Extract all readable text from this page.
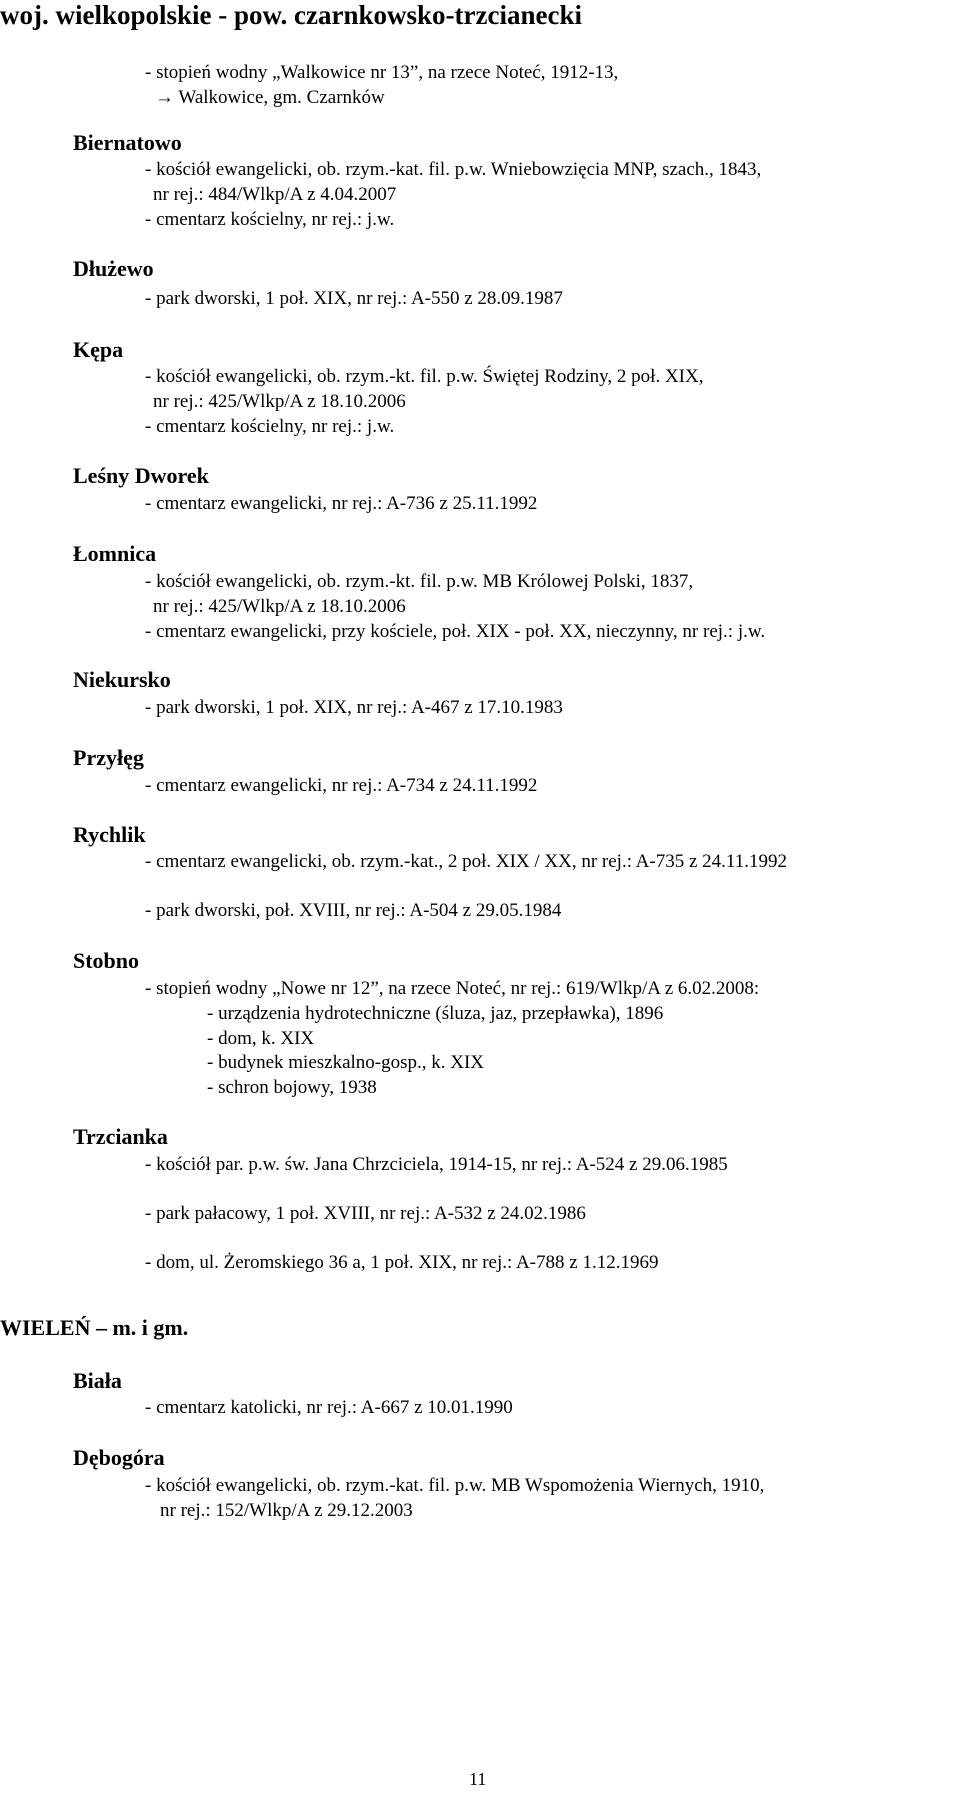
woj. wielkopolskie - pow. czarnkowsko-trzcianecki
- stopień wodny „Walkowice nr 13”, na rzece Noteć, 1912-13,
→ Walkowice, gm. Czarnków
Biernatowo
- kościół ewangelicki, ob. rzym.-kat. fil. p.w. Wniebowzięcia MNP, szach., 1843,
nr rej.: 484/Wlkp/A z 4.04.2007
- cmentarz kościelny, nr rej.: j.w.
Dłużewo
- park dworski, 1 poł. XIX, nr rej.: A-550 z 28.09.1987
Kępa
- kościół ewangelicki, ob. rzym.-kt. fil. p.w. Świętej Rodziny, 2 poł. XIX,
nr rej.: 425/Wlkp/A z 18.10.2006
- cmentarz kościelny, nr rej.: j.w.
Leśny Dworek
- cmentarz ewangelicki, nr rej.: A-736 z 25.11.1992
Łomnica
- kościół ewangelicki, ob. rzym.-kt. fil. p.w. MB Królowej Polski, 1837,
nr rej.: 425/Wlkp/A z 18.10.2006
- cmentarz ewangelicki, przy kościele, poł. XIX - poł. XX, nieczynny, nr rej.: j.w.
Niekursko
- park dworski, 1 poł. XIX, nr rej.: A-467 z 17.10.1983
Przyłęg
- cmentarz ewangelicki, nr rej.: A-734 z 24.11.1992
Rychlik
- cmentarz ewangelicki, ob. rzym.-kat., 2 poł. XIX / XX, nr rej.: A-735 z 24.11.1992
- park dworski, poł. XVIII, nr rej.: A-504 z 29.05.1984
Stobno
- stopień wodny „Nowe nr 12”, na rzece Noteć, nr rej.: 619/Wlkp/A z 6.02.2008:
- urządzenia hydrotechniczne (śluza, jaz, przepławka), 1896
- dom, k. XIX
- budynek mieszkalno-gosp., k. XIX
- schron bojowy, 1938
Trzcianka
- kościół par. p.w. św. Jana Chrzciciela, 1914-15, nr rej.: A-524 z 29.06.1985
- park pałacowy, 1 poł. XVIII, nr rej.: A-532 z 24.02.1986
- dom, ul. Żeromskiego 36 a, 1 poł. XIX, nr rej.: A-788 z 1.12.1969
WIELEŃ – m. i gm.
Biała
- cmentarz katolicki, nr rej.: A-667 z 10.01.1990
Dębogóra
- kościół ewangelicki, ob. rzym.-kat. fil. p.w. MB Wspomożenia Wiernych, 1910,
nr rej.: 152/Wlkp/A z 29.12.2003
11
